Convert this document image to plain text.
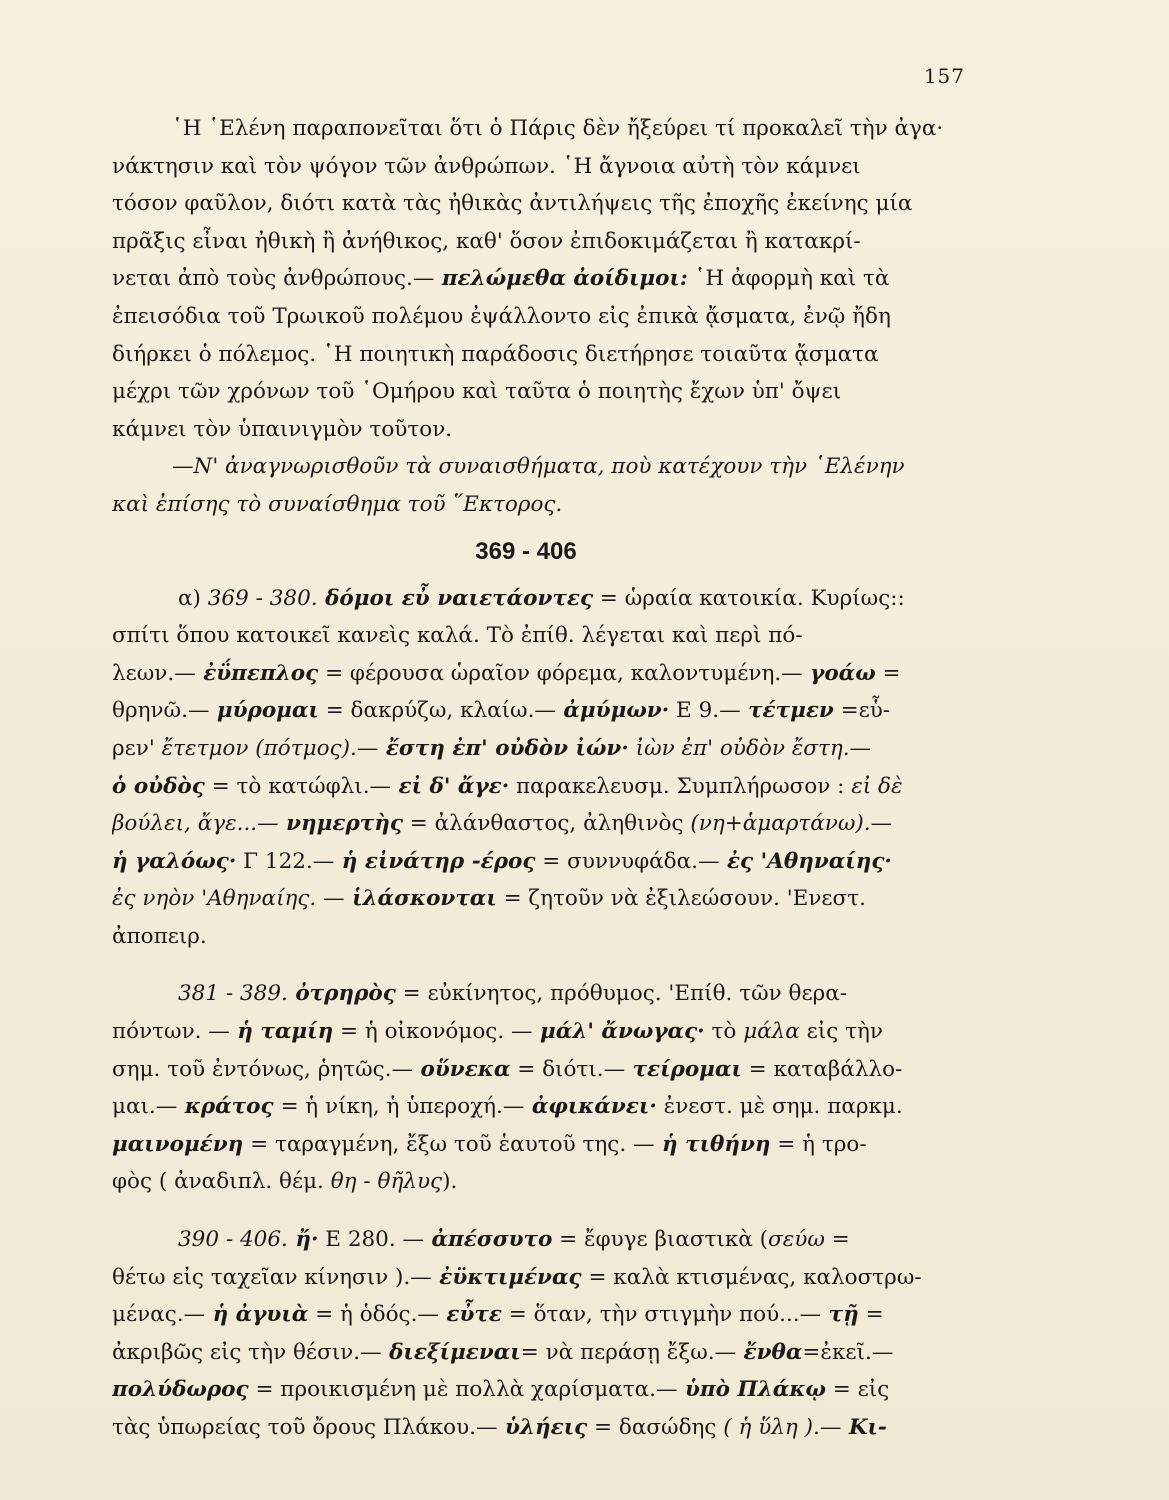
157
῾Η ῾Ελένη παραπονεῖται ὅτι ὁ Πάρις δὲν ἤξεύρει τί προκαλεῖ τὴν ἀγα·
νάκτησιν καὶ τὸν ψόγον τῶν ἀνθρώπων. ῾Η ἄγνοια αὐτὴ τὸν κάμνει
τόσον φαῦλον, διότι κατὰ τὰς ἠθικὰς ἀντιλήψεις τῆς ἐποχῆς ἐκείνης μία
πρᾶξις εἶναι ἠθικὴ ἢ ἀνήθικος, καθ' ὅσον ἐπιδοκιμάζεται ἢ κατακρί-
νεται ἀπὸ τοὺς ἀνθρώπους.— πελώμεθα ἀοίδιμοι: ῾Η ἀφορμὴ καὶ τὰ
ἐπεισόδια τοῦ Τρωικοῦ πολέμου ἐψάλλοντο εἰς ἐπικὰ ᾄσματα, ἐνῷ ἤδη
διήρκει ὁ πόλεμος. ῾Η ποιητικὴ παράδοσις διετήρησε τοιαῦτα ᾄσματα
μέχρι τῶν χρόνων τοῦ ῾Ομήρου καὶ ταῦτα ὁ ποιητὴς ἔχων ὑπ' ὄψει
κάμνει τὸν ὑπαινιγμὸν τοῦτον.
—Ν' ἀναγνωρισθοῦν τὰ συναισθήματα, ποὺ κατέχουν τὴν ῾Ελένην
καὶ ἐπίσης τὸ συναίσθημα τοῦ ῞Εκτορος.
369 - 406
α) 369 - 380. δόμοι εὖ ναιετάοντες = ὡραία κατοικία. Κυρίως::
σπίτι ὅπου κατοικεῖ κανεὶς καλά. Τὸ ἐπίθ. λέγεται καὶ περὶ πό-
λεων.— ἐΰπεπλος = φέρουσα ὡραῖον φόρεμα, καλοντυμένη.— γοάω =
θρηνῶ.— μύρομαι = δακρύζω, κλαίω.— ἀμύμων· Ε 9.— τέτμεν =εὗ-
ρεν' ἔτετμον (πότμος).— ἔστη ἐπ' οὐδὸν ἰών· ἰὼν ἐπ' οὐδὸν ἔστη.—
ὁ οὐδὸς = τὸ κατώφλι.— εἰ δ' ἄγε· παρακελευσμ. Συμπλήρωσον : εἰ δὲ
βούλει, ἄγε...— νημερτὴς = ἀλάνθαστος, ἀληθινὸς (νη+ἁμαρτάνω).—
ἡ γαλόως· Γ 122.— ἡ εἰνάτηρ -έρος = συννυφάδα.— ἐς 'Αθηναίης·
ἐς νηὸν 'Αθηναίης. — ἱλάσκονται = ζητοῦν νὰ ἐξιλεώσουν. 'Ενεστ.
ἀποπειρ.
381 - 389. ὀτρηρὸς = εὐκίνητος, πρόθυμος. 'Επίθ. τῶν θερα-
πόντων. — ἡ ταμίη = ἡ οἰκονόμος. — μάλ' ἄνωγας· τὸ μάλα εἰς τὴν
σημ. τοῦ ἐντόνως, ῥητῶς.— οὕνεκα = διότι.— τείρομαι = καταβάλλο-
μαι.— κράτος = ἡ νίκη, ἡ ὑπεροχή.— ἀφικάνει· ἐνεστ. μὲ σημ. παρκμ.
μαινομένη = ταραγμένη, ἔξω τοῦ ἑαυτοῦ της. — ἡ τιθήνη = ἡ τρο-
φὸς ( ἀναδιπλ. θέμ. θη - θῆλυς).
390 - 406. ἤ· Ε 280. — ἀπέσσυτο = ἔφυγε βιαστικὰ (σεύω =
θέτω εἰς ταχεῖαν κίνησιν ).— ἐϋκτιμένας = καλὰ κτισμένας, καλοστρω-
μένας.— ἡ ἀγυιὰ = ἡ ὁδός.— εὖτε = ὅταν, τὴν στιγμὴν πού...— τῇ =
ἀκριβῶς εἰς τὴν θέσιν.— διεξίμεναι= νὰ περάσῃ ἔξω.— ἔνθα=ἐκεῖ.—
πολύδωρος = προικισμένη μὲ πολλὰ χαρίσματα.— ὑπὸ Πλάκῳ = εἰς
τὰς ὑπωρείας τοῦ ὄρους Πλάκου.— ὑλήεις = δασώδης ( ἡ ὕλη ).— Κι-
